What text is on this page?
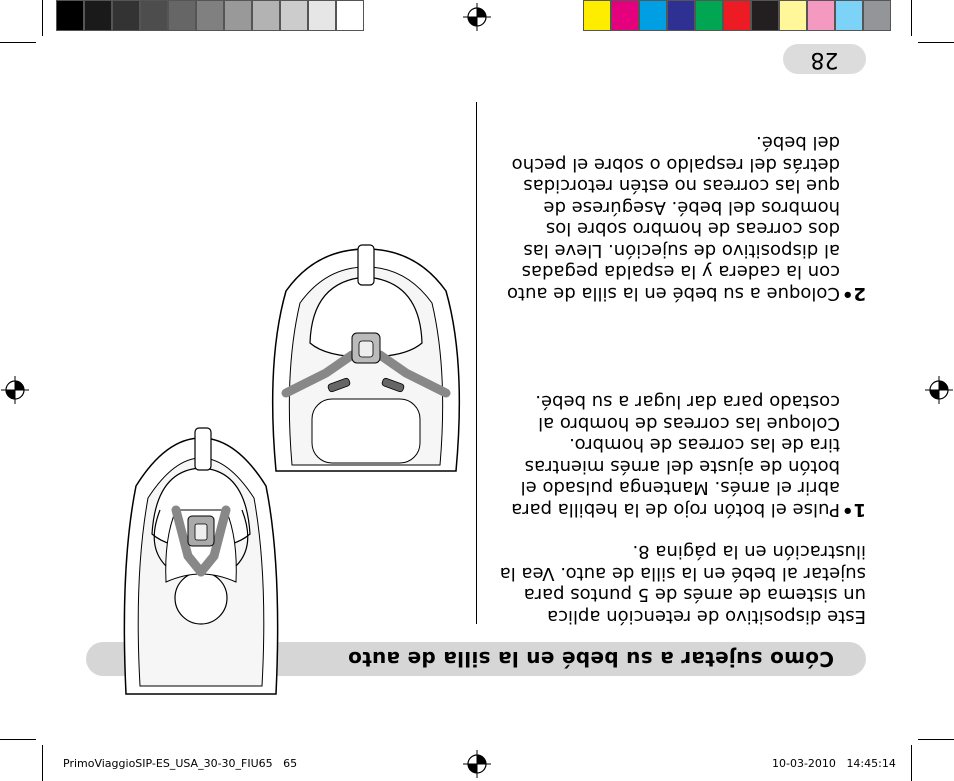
PrimoViaggioSIP-ES_USA_30-30_FIU65 65	10-03-2010 14:45:14
28
Cómo sujetar a su bebé en la silla de auto

Este dispositivo de retención aplica

un sistema de arnés de 5 puntos para

sujetar al bebé en la silla de auto. Vea la

ilustración en la página 8.

1•
Pulse el botón rojo de la hebilla para
abrir el arnés. Mantenga pulsado el
botón de ajuste del arnés mientras
tira de las correas de hombro.
Coloque las correas de hombro al
costado para dar lugar a su bebé.
2•
Coloque a su bebé en la silla de auto
con la cadera y la espalda pegadas
al dispositivo de sujeción. Lleve las
dos correas de hombro sobre los
hombros del bebé. Asegúrese de
que las correas no estén retorcidas
detrás del respaldo o sobre el pecho
del bebé.
